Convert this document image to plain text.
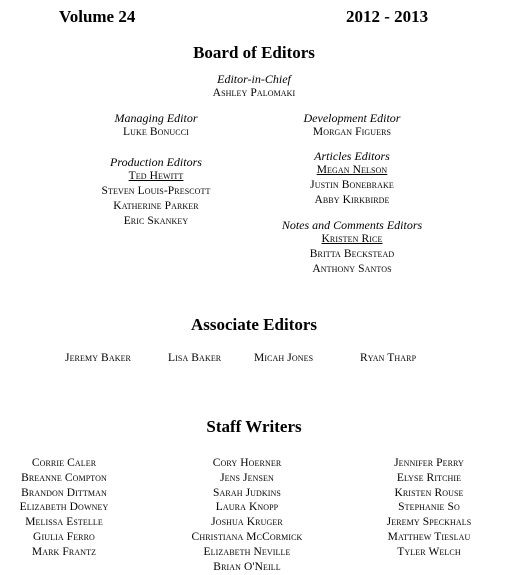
Volume 24	2012 - 2013
Board of Editors
Editor-in-Chief
Ashley Palomaki
Managing Editor
Luke Bonucci
Development Editor
Morgan Figuers
Production Editors
Ted Hewitt
Steven Louis-Prescott
Katherine Parker
Eric Skankey
Articles Editors
Megan Nelson
Justin Bonebrake
Abby Kirkbirde
Notes and Comments Editors
Kristen Rice
Britta Beckstead
Anthony Santos
Associate Editors
Jeremy Baker	Lisa Baker	Micah Jones	Ryan Tharp
Staff Writers
Corrie Caler
Breanne Compton
Brandon Dittman
Elizabeth Downey
Melissa Estelle
Giulia Ferro
Mark Frantz
Cory Hoerner
Jens Jensen
Sarah Judkins
Laura Knopp
Joshua Kruger
Christiana McCormick
Elizabeth Neville
Brian O'Neill
Jennifer Perry
Elyse Ritchie
Kristen Rouse
Stephanie So
Jeremy Speckhals
Matthew Tieslau
Tyler Welch
